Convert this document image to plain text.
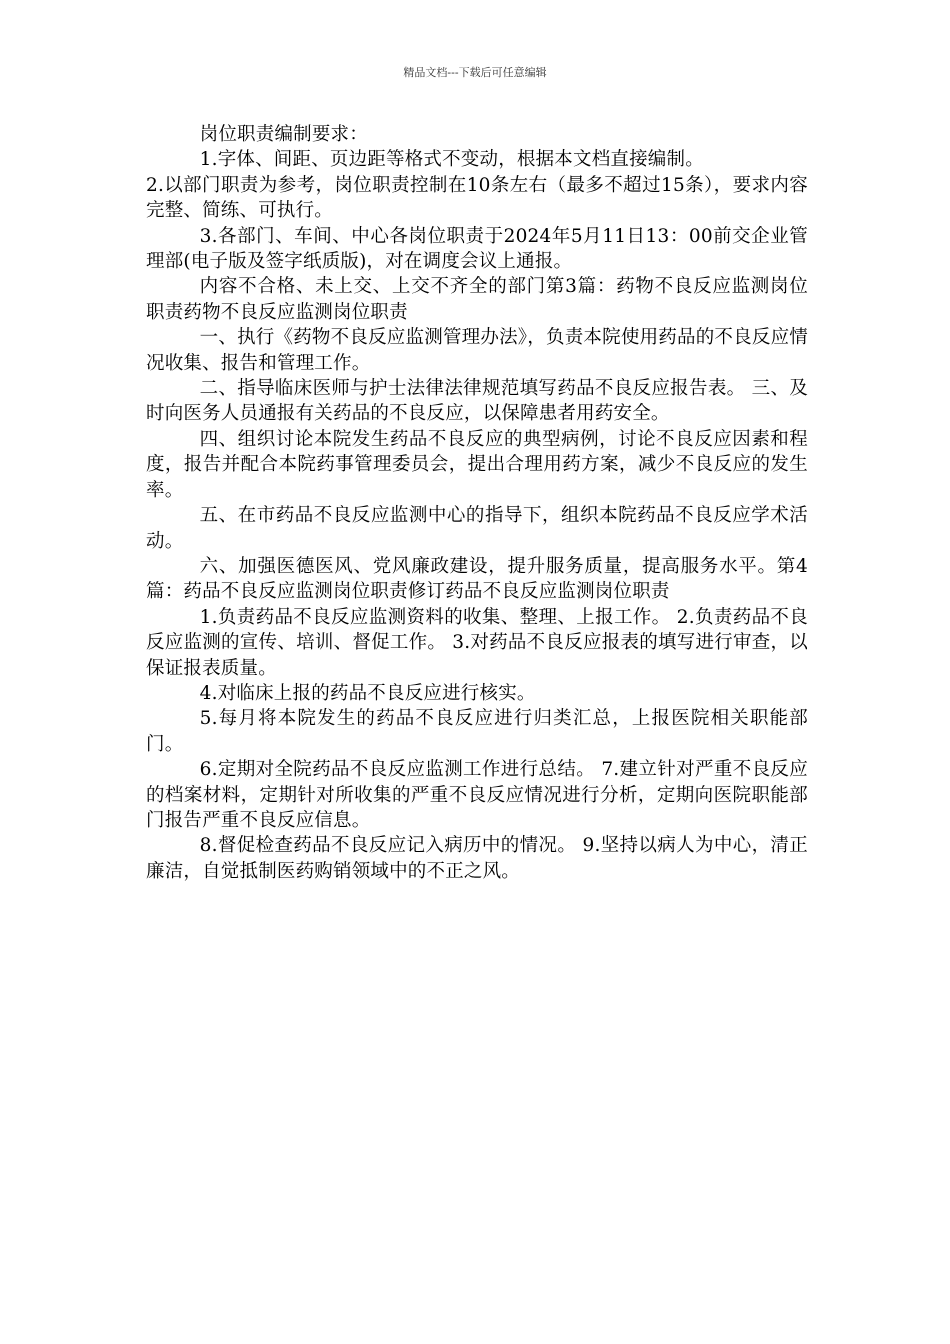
精品文档---下载后可任意编辑

岗位职责编制要求：

1.字体、间距、页边距等格式不变动，根据本文档直接编制。

2.以部门职责为参考，岗位职责控制在10条左右（最多不超过15条），要求内容完整、简练、可执行。

3.各部门、车间、中心各岗位职责于2024年5月11日13：00前交企业管理部(电子版及签字纸质版)，对在调度会议上通报。

内容不合格、未上交、上交不齐全的部门第3篇：药物不良反应监测岗位职责药物不良反应监测岗位职责

一、执行《药物不良反应监测管理办法》，负责本院使用药品的不良反应情况收集、报告和管理工作。

二、指导临床医师与护士法律法律规范填写药品不良反应报告表。 三、及时向医务人员通报有关药品的不良反应，以保障患者用药安全。

四、组织讨论本院发生药品不良反应的典型病例，讨论不良反应因素和程度，报告并配合本院药事管理委员会，提出合理用药方案，减少不良反应的发生率。

五、在市药品不良反应监测中心的指导下，组织本院药品不良反应学术活动。

六、加强医德医风、党风廉政建设，提升服务质量，提高服务水平。第4篇：药品不良反应监测岗位职责修订药品不良反应监测岗位职责

1.负责药品不良反应监测资料的收集、整理、上报工作。 2.负责药品不良反应监测的宣传、培训、督促工作。 3.对药品不良反应报表的填写进行审查，以保证报表质量。

4.对临床上报的药品不良反应进行核实。

5.每月将本院发生的药品不良反应进行归类汇总，上报医院相关职能部门。

6.定期对全院药品不良反应监测工作进行总结。 7.建立针对严重不良反应的档案材料，定期针对所收集的严重不良反应情况进行分析，定期向医院职能部门报告严重不良反应信息。

8.督促检查药品不良反应记入病历中的情况。 9.坚持以病人为中心，清正廉洁，自觉抵制医药购销领域中的不正之风。
